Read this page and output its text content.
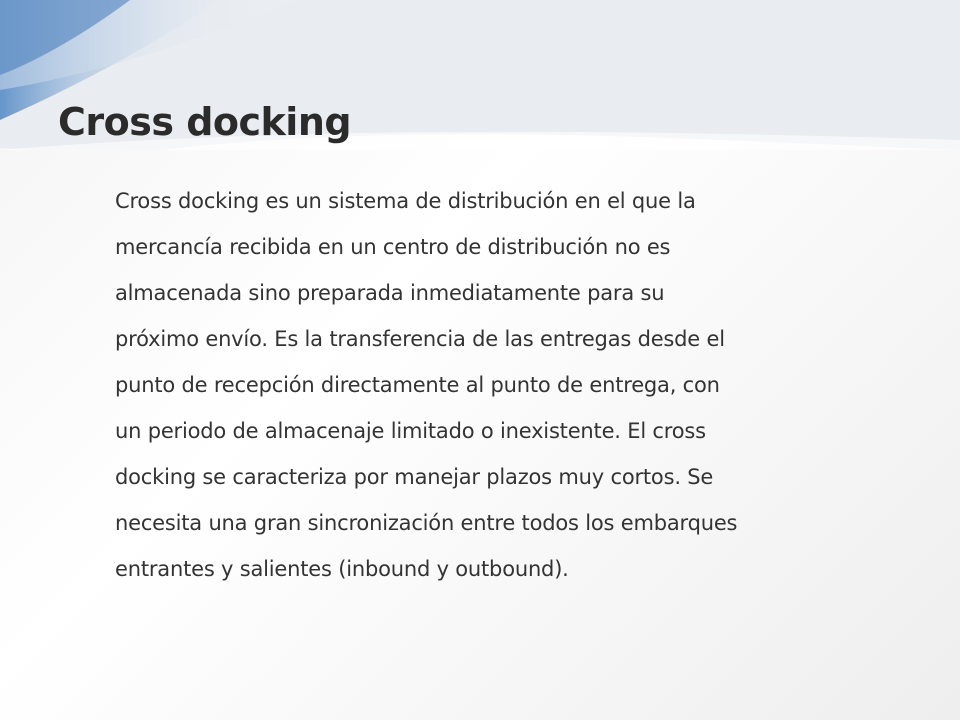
Cross docking

Cross docking es un sistema de distribución en el que la
mercancía recibida en un centro de distribución no es
almacenada sino preparada inmediatamente para su
próximo envío. Es la transferencia de las entregas desde el
punto de recepción directamente al punto de entrega, con
un periodo de almacenaje limitado o inexistente. El cross
docking se caracteriza por manejar plazos muy cortos. Se
necesita una gran sincronización entre todos los embarques
entrantes y salientes (inbound y outbound).
